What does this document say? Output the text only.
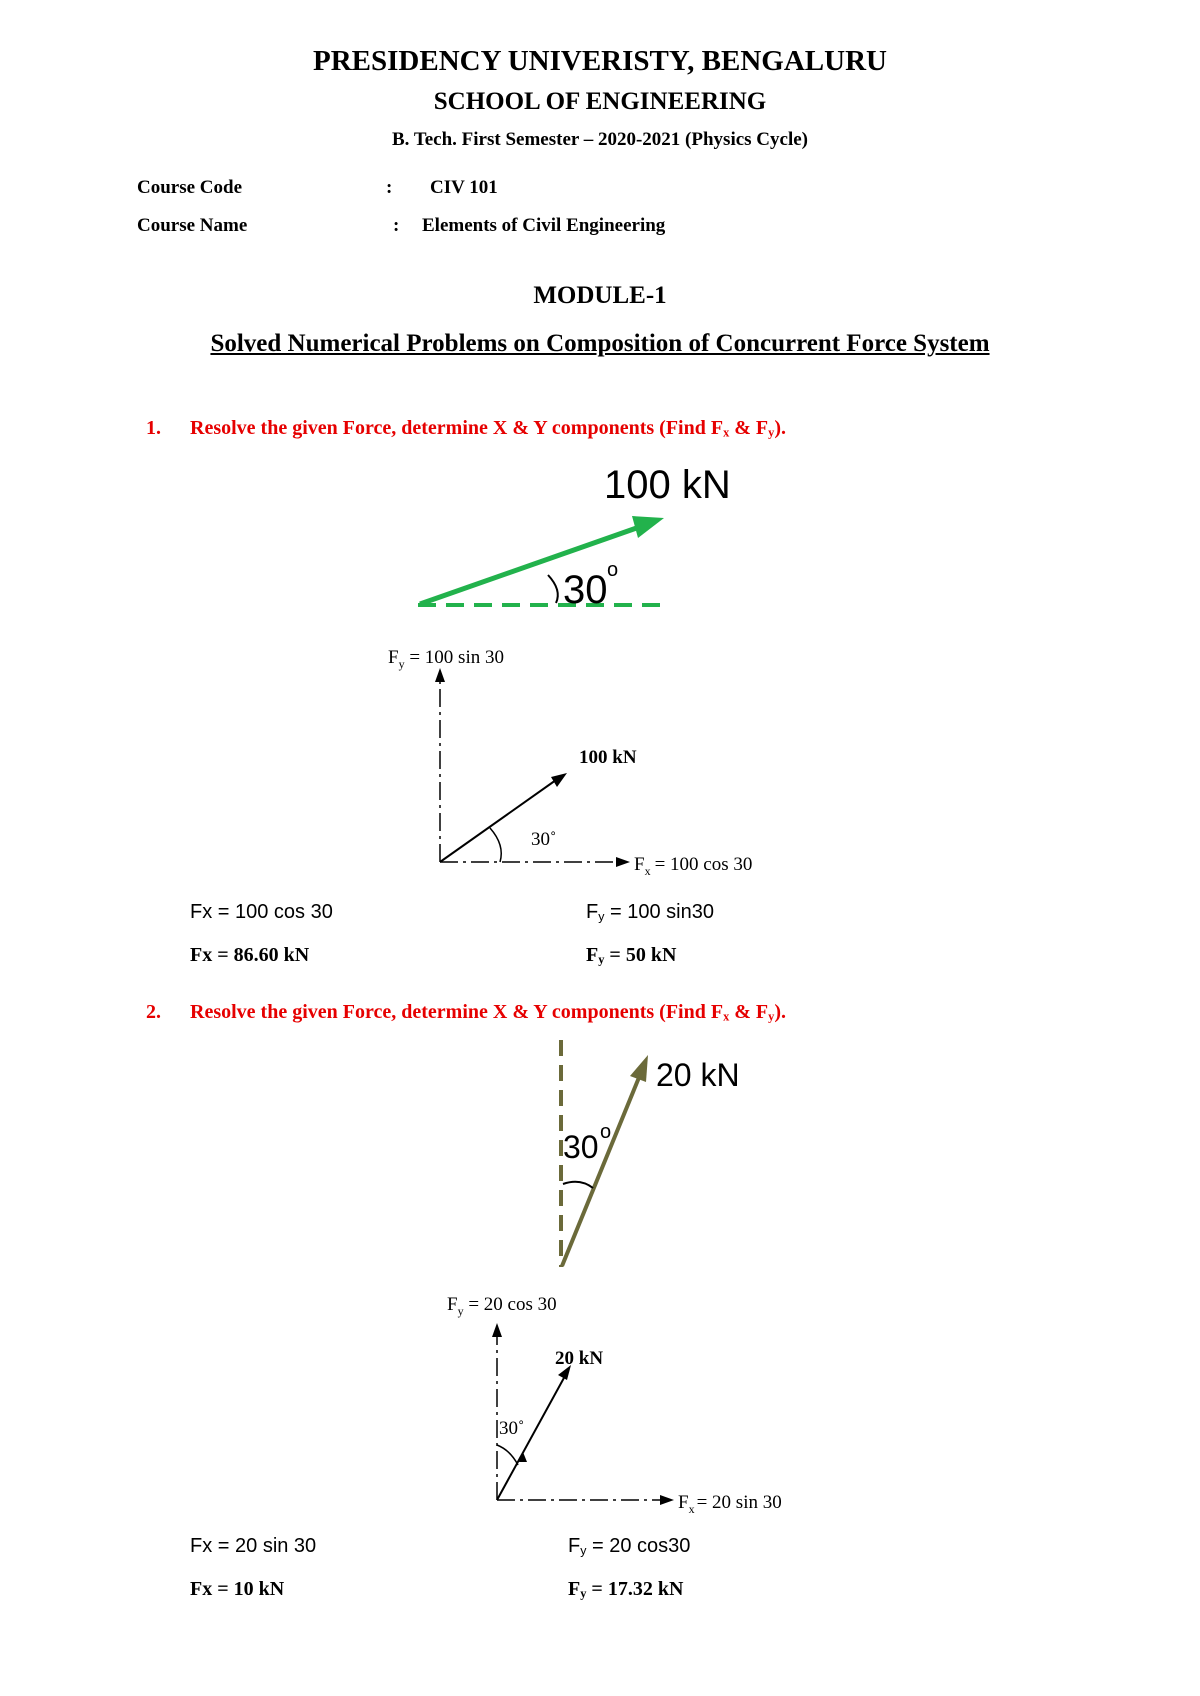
PRESIDENCY UNIVERISTY, BENGALURU
SCHOOL OF ENGINEERING
B. Tech. First Semester – 2020-2021 (Physics Cycle)
Course Code	: CIV 101
Course Name	: Elements of Civil Engineering
MODULE-1
Solved Numerical Problems on Composition of Concurrent Force System
1. Resolve the given Force, determine X & Y components (Find $F_x$ & $F_y$).
100 kN
30 o
$F_y = 100$ sin 30
100 kN
30˚
$F_x = 100$ cos 30
Fx = 100 cos 30	$F_y = 100$ sin30
Fx = 86.60 kN	$F_y = 50$ kN
2. Resolve the given Force, determine X & Y components (Find $F_x$ & $F_y$).
20 kN
30 o
$F_y = 20$ cos 30
20 kN
30˚
$F_x = 20$ sin 30
Fx = 20 sin 30	$F_y = 20$ cos30
Fx = 10 kN	$F_y = 17.32$ kN
